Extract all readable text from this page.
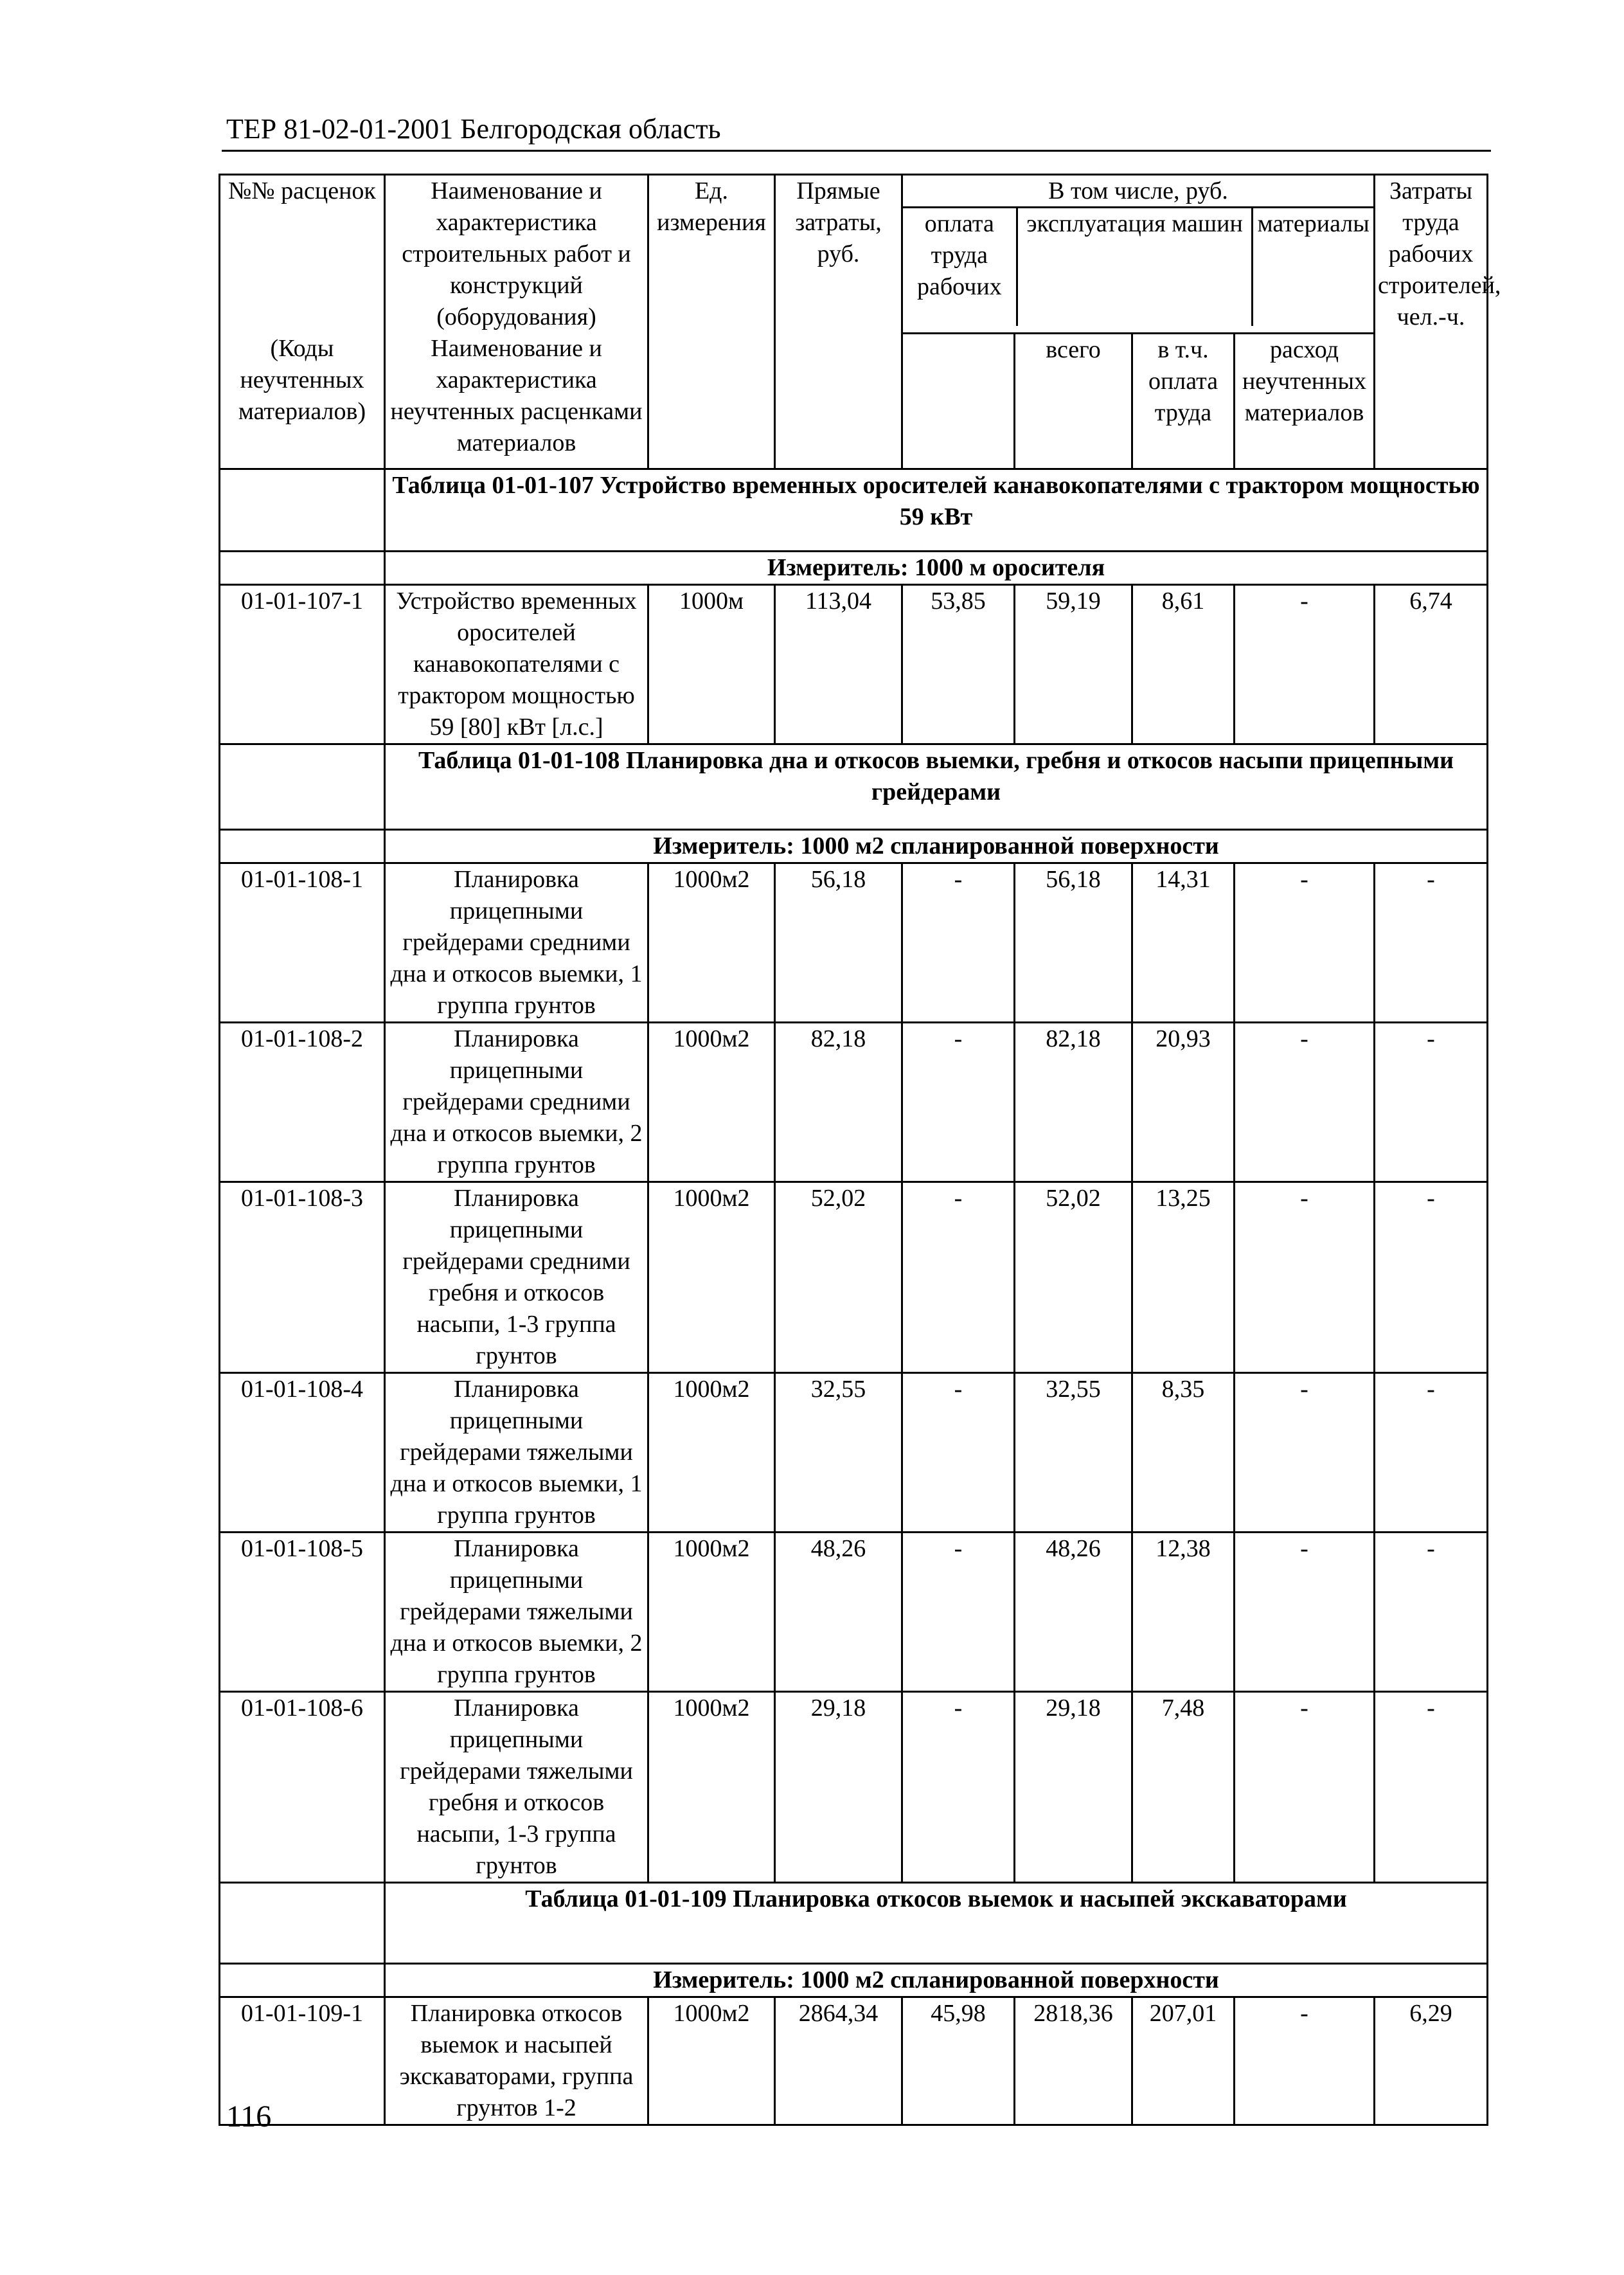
ТЕР 81-02-01-2001 Белгородская область
№№ расценок	Наименование и характеристика строительных работ и конструкций (оборудования)	Ед. измерения	Прямые затраты, руб.	
В том числе, руб.
оплата труда рабочих	эксплуатация машин	материалы
	Затраты труда рабочих строителей, чел.-ч.
(Коды неучтенных материалов)	Наименование и характеристика неучтенных расценками материалов		всего	в т.ч. оплата труда	расход неучтенных материалов
	Таблица 01-01-107 Устройство временных оросителей канавокопателями с трактором мощностью 59 кВт
	Измеритель: 1000 м оросителя
01-01-107-1	Устройство временных оросителей канавокопателями с трактором мощностью 59 [80] кВт [л.с.]	1000м	113,04	53,85	59,19	8,61	-	6,74
	Таблица 01-01-108 Планировка дна и откосов выемки, гребня и откосов насыпи прицепными грейдерами
	Измеритель: 1000 м2 спланированной поверхности
01-01-108-1	Планировка прицепными грейдерами средними дна и откосов выемки, 1 группа грунтов	1000м2	56,18	-	56,18	14,31	-	-
01-01-108-2	Планировка прицепными грейдерами средними дна и откосов выемки, 2 группа грунтов	1000м2	82,18	-	82,18	20,93	-	-
01-01-108-3	Планировка прицепными грейдерами средними гребня и откосов насыпи, 1-3 группа грунтов	1000м2	52,02	-	52,02	13,25	-	-
01-01-108-4	Планировка прицепными грейдерами тяжелыми дна и откосов выемки, 1 группа грунтов	1000м2	32,55	-	32,55	8,35	-	-
01-01-108-5	Планировка прицепными грейдерами тяжелыми дна и откосов выемки, 2 группа грунтов	1000м2	48,26	-	48,26	12,38	-	-
01-01-108-6	Планировка прицепными грейдерами тяжелыми гребня и откосов насыпи, 1-3 группа грунтов	1000м2	29,18	-	29,18	7,48	-	-
	Таблица 01-01-109 Планировка откосов выемок и насыпей экскаваторами
	Измеритель: 1000 м2 спланированной поверхности
01-01-109-1	Планировка откосов выемок и насыпей экскаваторами, группа грунтов 1-2	1000м2	2864,34	45,98	2818,36	207,01	-	6,29
116
